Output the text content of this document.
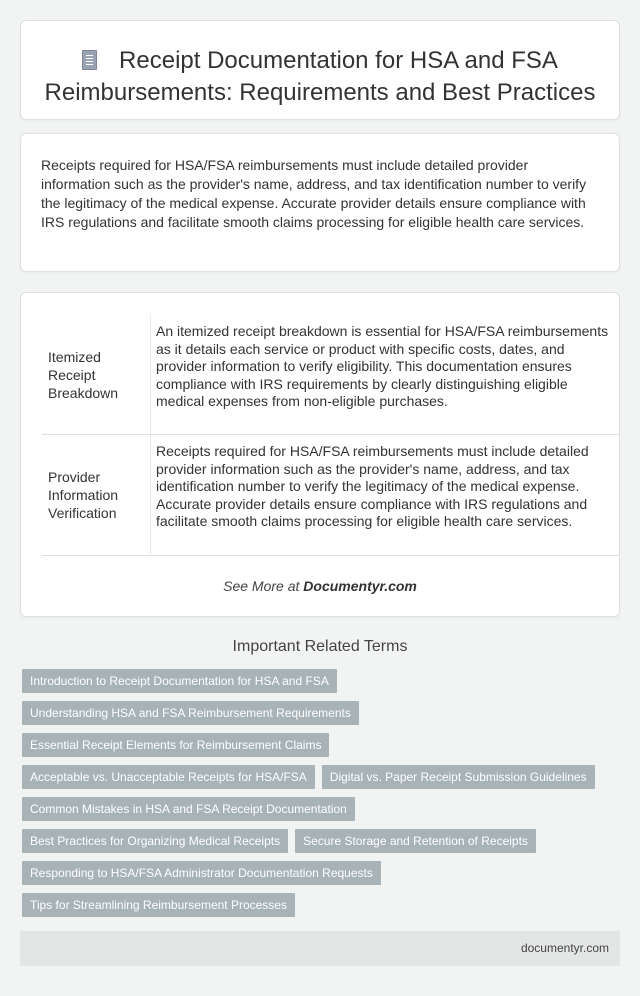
Receipt Documentation for HSA and FSA Reimbursements: Requirements and Best Practices

Receipts required for HSA/FSA reimbursements must include detailed provider information such as the provider's name, address, and tax identification number to verify the legitimacy of the medical expense. Accurate provider details ensure compliance with IRS regulations and facilitate smooth claims processing for eligible health care services.

Itemized Receipt Breakdown
An itemized receipt breakdown is essential for HSA/FSA reimbursements as it details each service or product with specific costs, dates, and provider information to verify eligibility. This documentation ensures compliance with IRS requirements by clearly distinguishing eligible medical expenses from non-eligible purchases.
Provider Information Verification
Receipts required for HSA/FSA reimbursements must include detailed provider information such as the provider's name, address, and tax identification number to verify the legitimacy of the medical expense. Accurate provider details ensure compliance with IRS regulations and facilitate smooth claims processing for eligible health care services.
See More at Documentyr.com
Important Related Terms
Introduction to Receipt Documentation for HSA and FSA
Understanding HSA and FSA Reimbursement Requirements
Essential Receipt Elements for Reimbursement Claims
Acceptable vs. Unacceptable Receipts for HSA/FSA Digital vs. Paper Receipt Submission Guidelines
Common Mistakes in HSA and FSA Receipt Documentation
Best Practices for Organizing Medical Receipts Secure Storage and Retention of Receipts
Responding to HSA/FSA Administrator Documentation Requests
Tips for Streamlining Reimbursement Processes
documentyr.com
